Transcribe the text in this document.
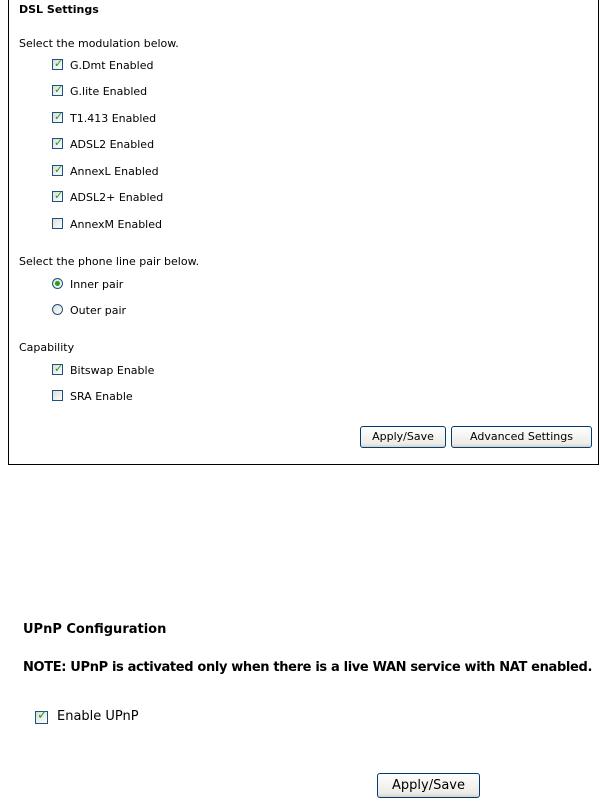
DSL Settings
Select the modulation below.
✓ G.Dmt Enabled
✓ G.lite Enabled
✓ T1.413 Enabled
✓ ADSL2 Enabled
✓ AnnexL Enabled
✓ ADSL2+ Enabled
AnnexM Enabled
Select the phone line pair below.
Inner pair
Outer pair
Capability
✓ Bitswap Enable
SRA Enable
Apply/Save	Advanced Settings
UPnP Configuration
NOTE: UPnP is activated only when there is a live WAN service with NAT enabled.
✓ Enable UPnP
Apply/Save
